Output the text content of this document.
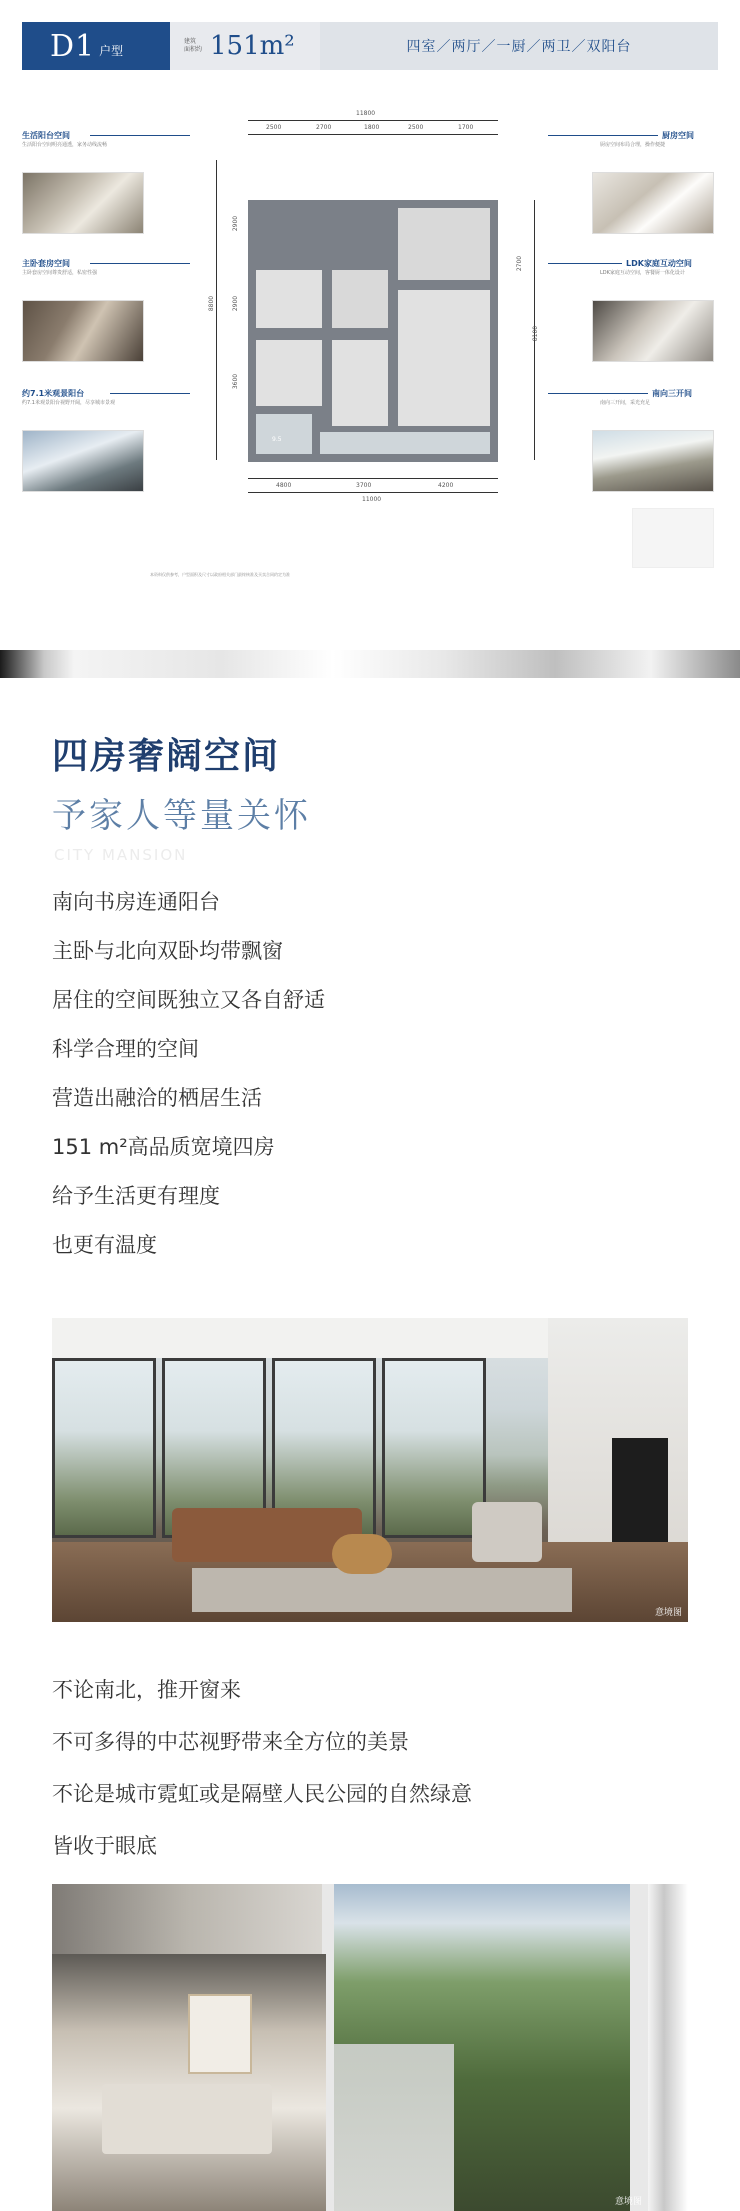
D1 户型
建筑
面积约 151m²	四室／两厅／一厨／两卫／双阳台
生活阳台空间
生活阳台空间明亮通透，家务动线流畅
主卧套房空间
主卧套房空间尊贵舒适，私密性强
约7.1米观景阳台
约7.1米观景阳台视野开阔，尽享城市景观
厨房空间
厨房空间布局合理，操作便捷
LDK家庭互动空间
LDK家庭互动空间，客餐厨一体化设计
南向三开间
南向三开间，采光充足
11800
2500	2700	1800	2500	1700
8800
2900
2900
3600
2700
8100
9.5
4800	3700	4200
11000
本资料仅供参考，户型面积及尺寸以政府相关部门最终核准及买卖合同约定为准
四房奢阔空间
予家人等量关怀
CITY MANSION
南向书房连通阳台
主卧与北向双卧均带飘窗
居住的空间既独立又各自舒适
科学合理的空间
营造出融洽的栖居生活
151 m²高品质宽境四房
给予生活更有理度
也更有温度
意境图
不论南北，推开窗来
不可多得的中芯视野带来全方位的美景
不论是城市霓虹或是隔壁人民公园的自然绿意
皆收于眼底
意境图
